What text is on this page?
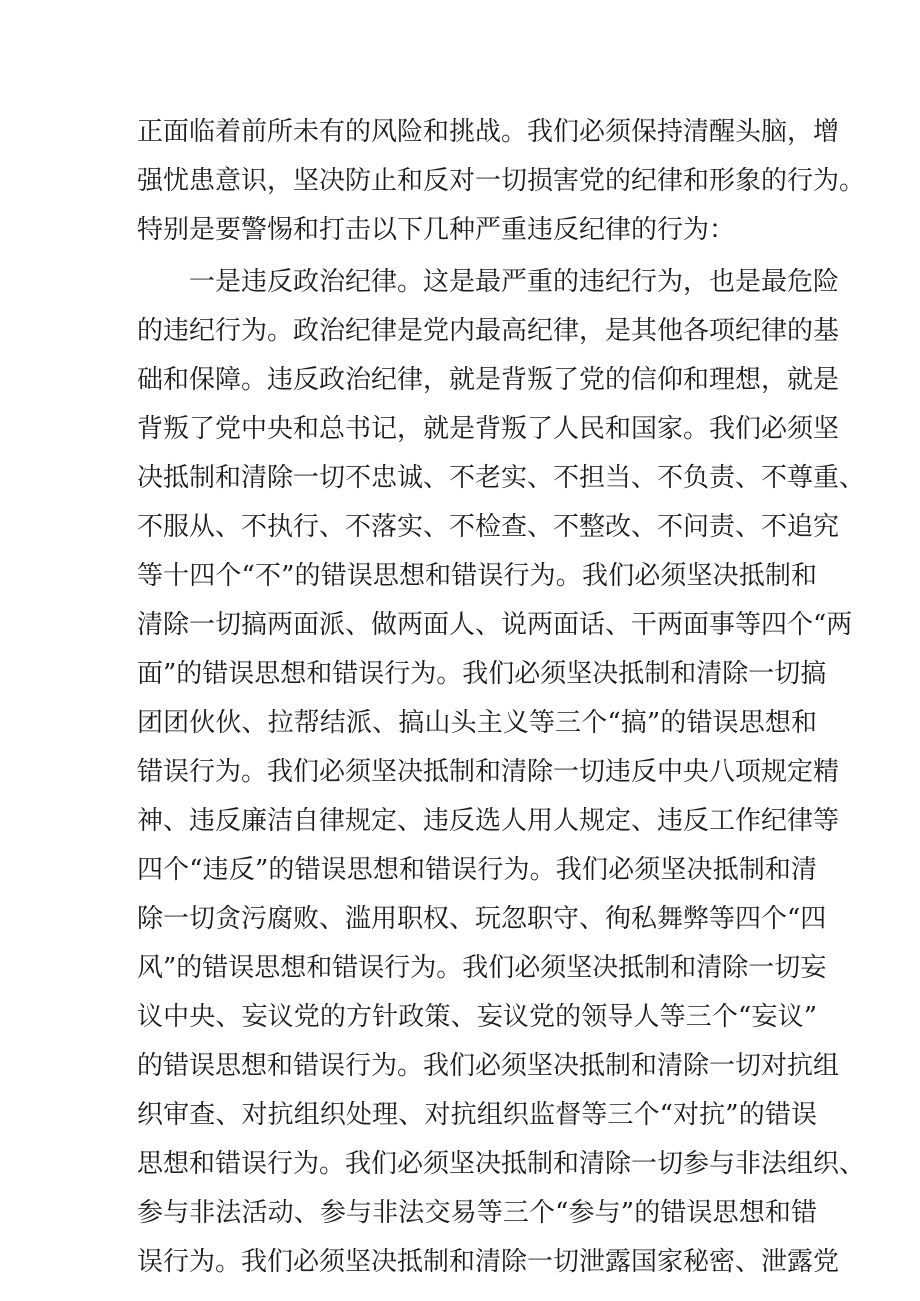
正面临着前所未有的风险和挑战。我们必须保持清醒头脑，增
强忧患意识，坚决防止和反对一切损害党的纪律和形象的行为。
特别是要警惕和打击以下几种严重违反纪律的行为：
一是违反政治纪律。这是最严重的违纪行为，也是最危险
的违纪行为。政治纪律是党内最高纪律，是其他各项纪律的基
础和保障。违反政治纪律，就是背叛了党的信仰和理想，就是
背叛了党中央和总书记，就是背叛了人民和国家。我们必须坚
决抵制和清除一切不忠诚、不老实、不担当、不负责、不尊重、
不服从、不执行、不落实、不检查、不整改、不问责、不追究
等十四个“不”的错误思想和错误行为。我们必须坚决抵制和
清除一切搞两面派、做两面人、说两面话、干两面事等四个“两
面”的错误思想和错误行为。我们必须坚决抵制和清除一切搞
团团伙伙、拉帮结派、搞山头主义等三个“搞”的错误思想和
错误行为。我们必须坚决抵制和清除一切违反中央八项规定精
神、违反廉洁自律规定、违反选人用人规定、违反工作纪律等
四个“违反”的错误思想和错误行为。我们必须坚决抵制和清
除一切贪污腐败、滥用职权、玩忽职守、徇私舞弊等四个“四
风”的错误思想和错误行为。我们必须坚决抵制和清除一切妄
议中央、妄议党的方针政策、妄议党的领导人等三个“妄议”
的错误思想和错误行为。我们必须坚决抵制和清除一切对抗组
织审查、对抗组织处理、对抗组织监督等三个“对抗”的错误
思想和错误行为。我们必须坚决抵制和清除一切参与非法组织、
参与非法活动、参与非法交易等三个“参与”的错误思想和错
误行为。我们必须坚决抵制和清除一切泄露国家秘密、泄露党
